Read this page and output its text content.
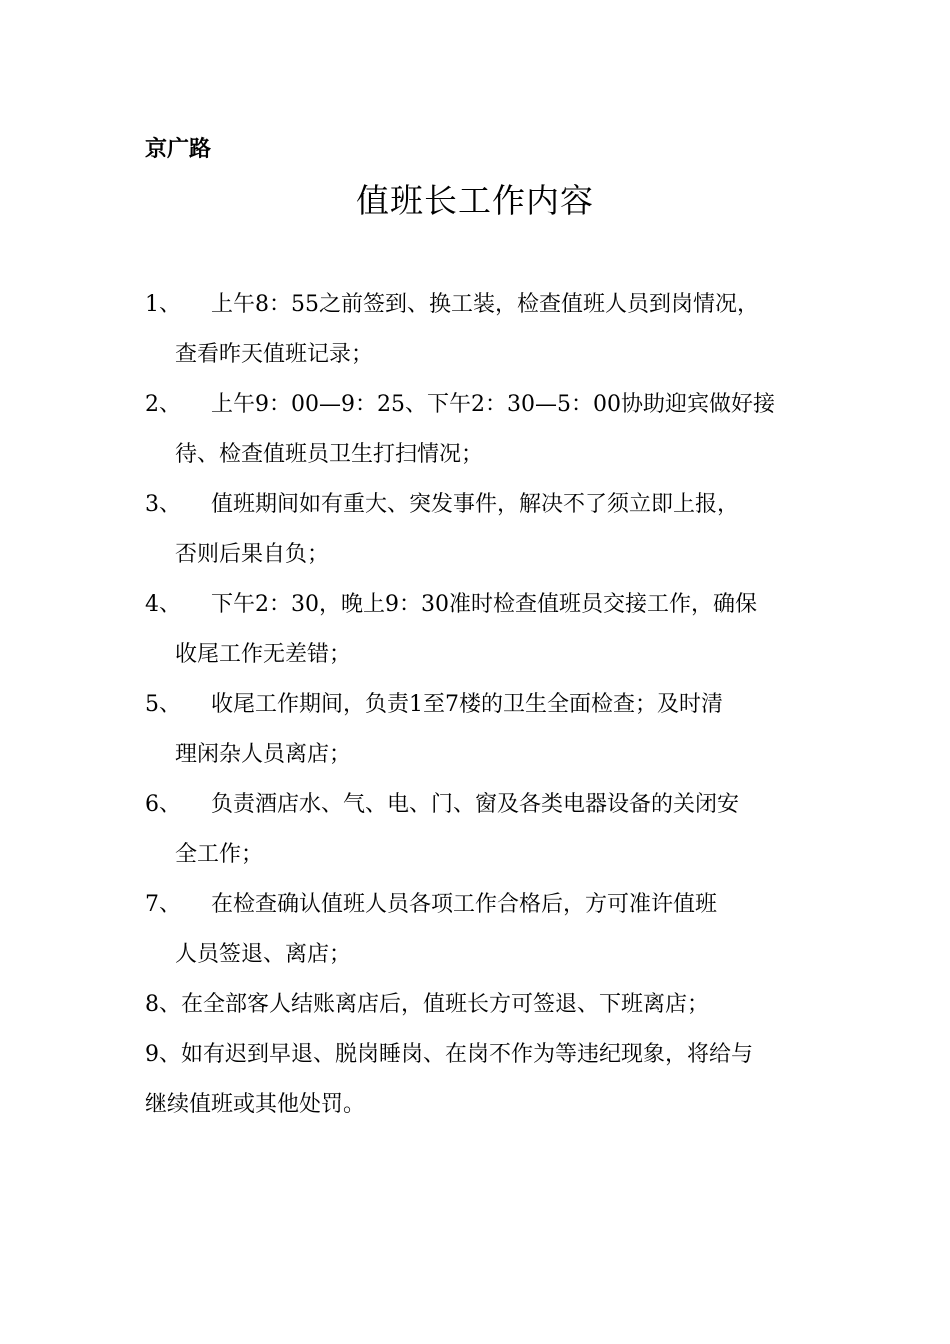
京广路
值班长工作内容
1、 上午8：55之前签到、换工装，检查值班人员到岗情况，
查看昨天值班记录；
2、 上午9：00—9：25、下午2：30—5：00协助迎宾做好接
待、检查值班员卫生打扫情况；
3、 值班期间如有重大、突发事件，解决不了须立即上报，
否则后果自负；
4、 下午2：30，晚上9：30准时检查值班员交接工作，确保
收尾工作无差错；
5、 收尾工作期间，负责1至7楼的卫生全面检查；及时清
理闲杂人员离店；
6、 负责酒店水、气、电、门、窗及各类电器设备的关闭安
全工作；
7、 在检查确认值班人员各项工作合格后，方可准许值班
人员签退、离店；
8、在全部客人结账离店后，值班长方可签退、下班离店；
9、如有迟到早退、脱岗睡岗、在岗不作为等违纪现象，将给与
继续值班或其他处罚。
